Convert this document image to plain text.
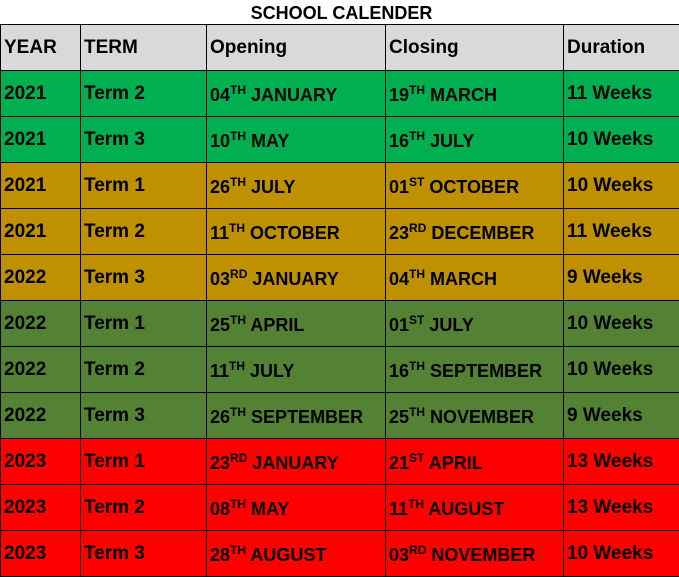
SCHOOL CALENDER
YEAR	TERM	Opening	Closing	Duration
2021	Term 2	04TH JANUARY	19TH MARCH	11 Weeks
2021	Term 3	10TH MAY	16TH JULY	10 Weeks
2021	Term 1	26TH JULY	01ST OCTOBER	10 Weeks
2021	Term 2	11TH OCTOBER	23RD DECEMBER	11 Weeks
2022	Term 3	03RD JANUARY	04TH MARCH	9 Weeks
2022	Term 1	25TH APRIL	01ST JULY	10 Weeks
2022	Term 2	11TH JULY	16TH SEPTEMBER	10 Weeks
2022	Term 3	26TH SEPTEMBER	25TH NOVEMBER	9 Weeks
2023	Term 1	23RD JANUARY	21ST APRIL	13 Weeks
2023	Term 2	08TH MAY	11TH AUGUST	13 Weeks
2023	Term 3	28TH AUGUST	03RD NOVEMBER	10 Weeks
